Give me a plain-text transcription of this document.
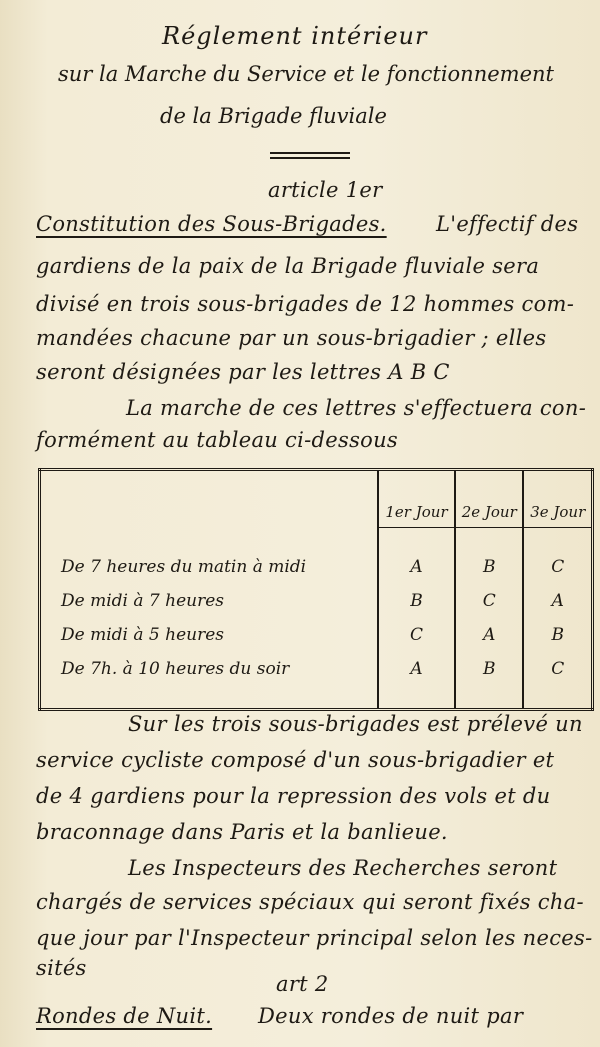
Réglement intérieur
sur la Marche du Service et le fonctionnement
de la Brigade fluviale
article 1er
Constitution des Sous-Brigades. L'effectif des
gardiens de la paix de la Brigade fluviale sera
divisé en trois sous-brigades de 12 hommes com-
mandées chacune par un sous-brigadier ; elles
seront désignées par les lettres A B C
La marche de ces lettres s'effectuera con-
formément au tableau ci-dessous
	1er Jour	2e Jour	3e Jour

De 7 heures du matin à midi	A	B	C
De midi à 7 heures	B	C	A
De midi à 5 heures	C	A	B
De 7h. à 10 heures du soir	A	B	C

Sur les trois sous-brigades est prélevé un
service cycliste composé d'un sous-brigadier et
de 4 gardiens pour la repression des vols et du
braconnage dans Paris et la banlieue.
Les Inspecteurs des Recherches seront
chargés de services spéciaux qui seront fixés cha-
que jour par l'Inspecteur principal selon les neces-
sités
art 2
Rondes de Nuit. Deux rondes de nuit par
